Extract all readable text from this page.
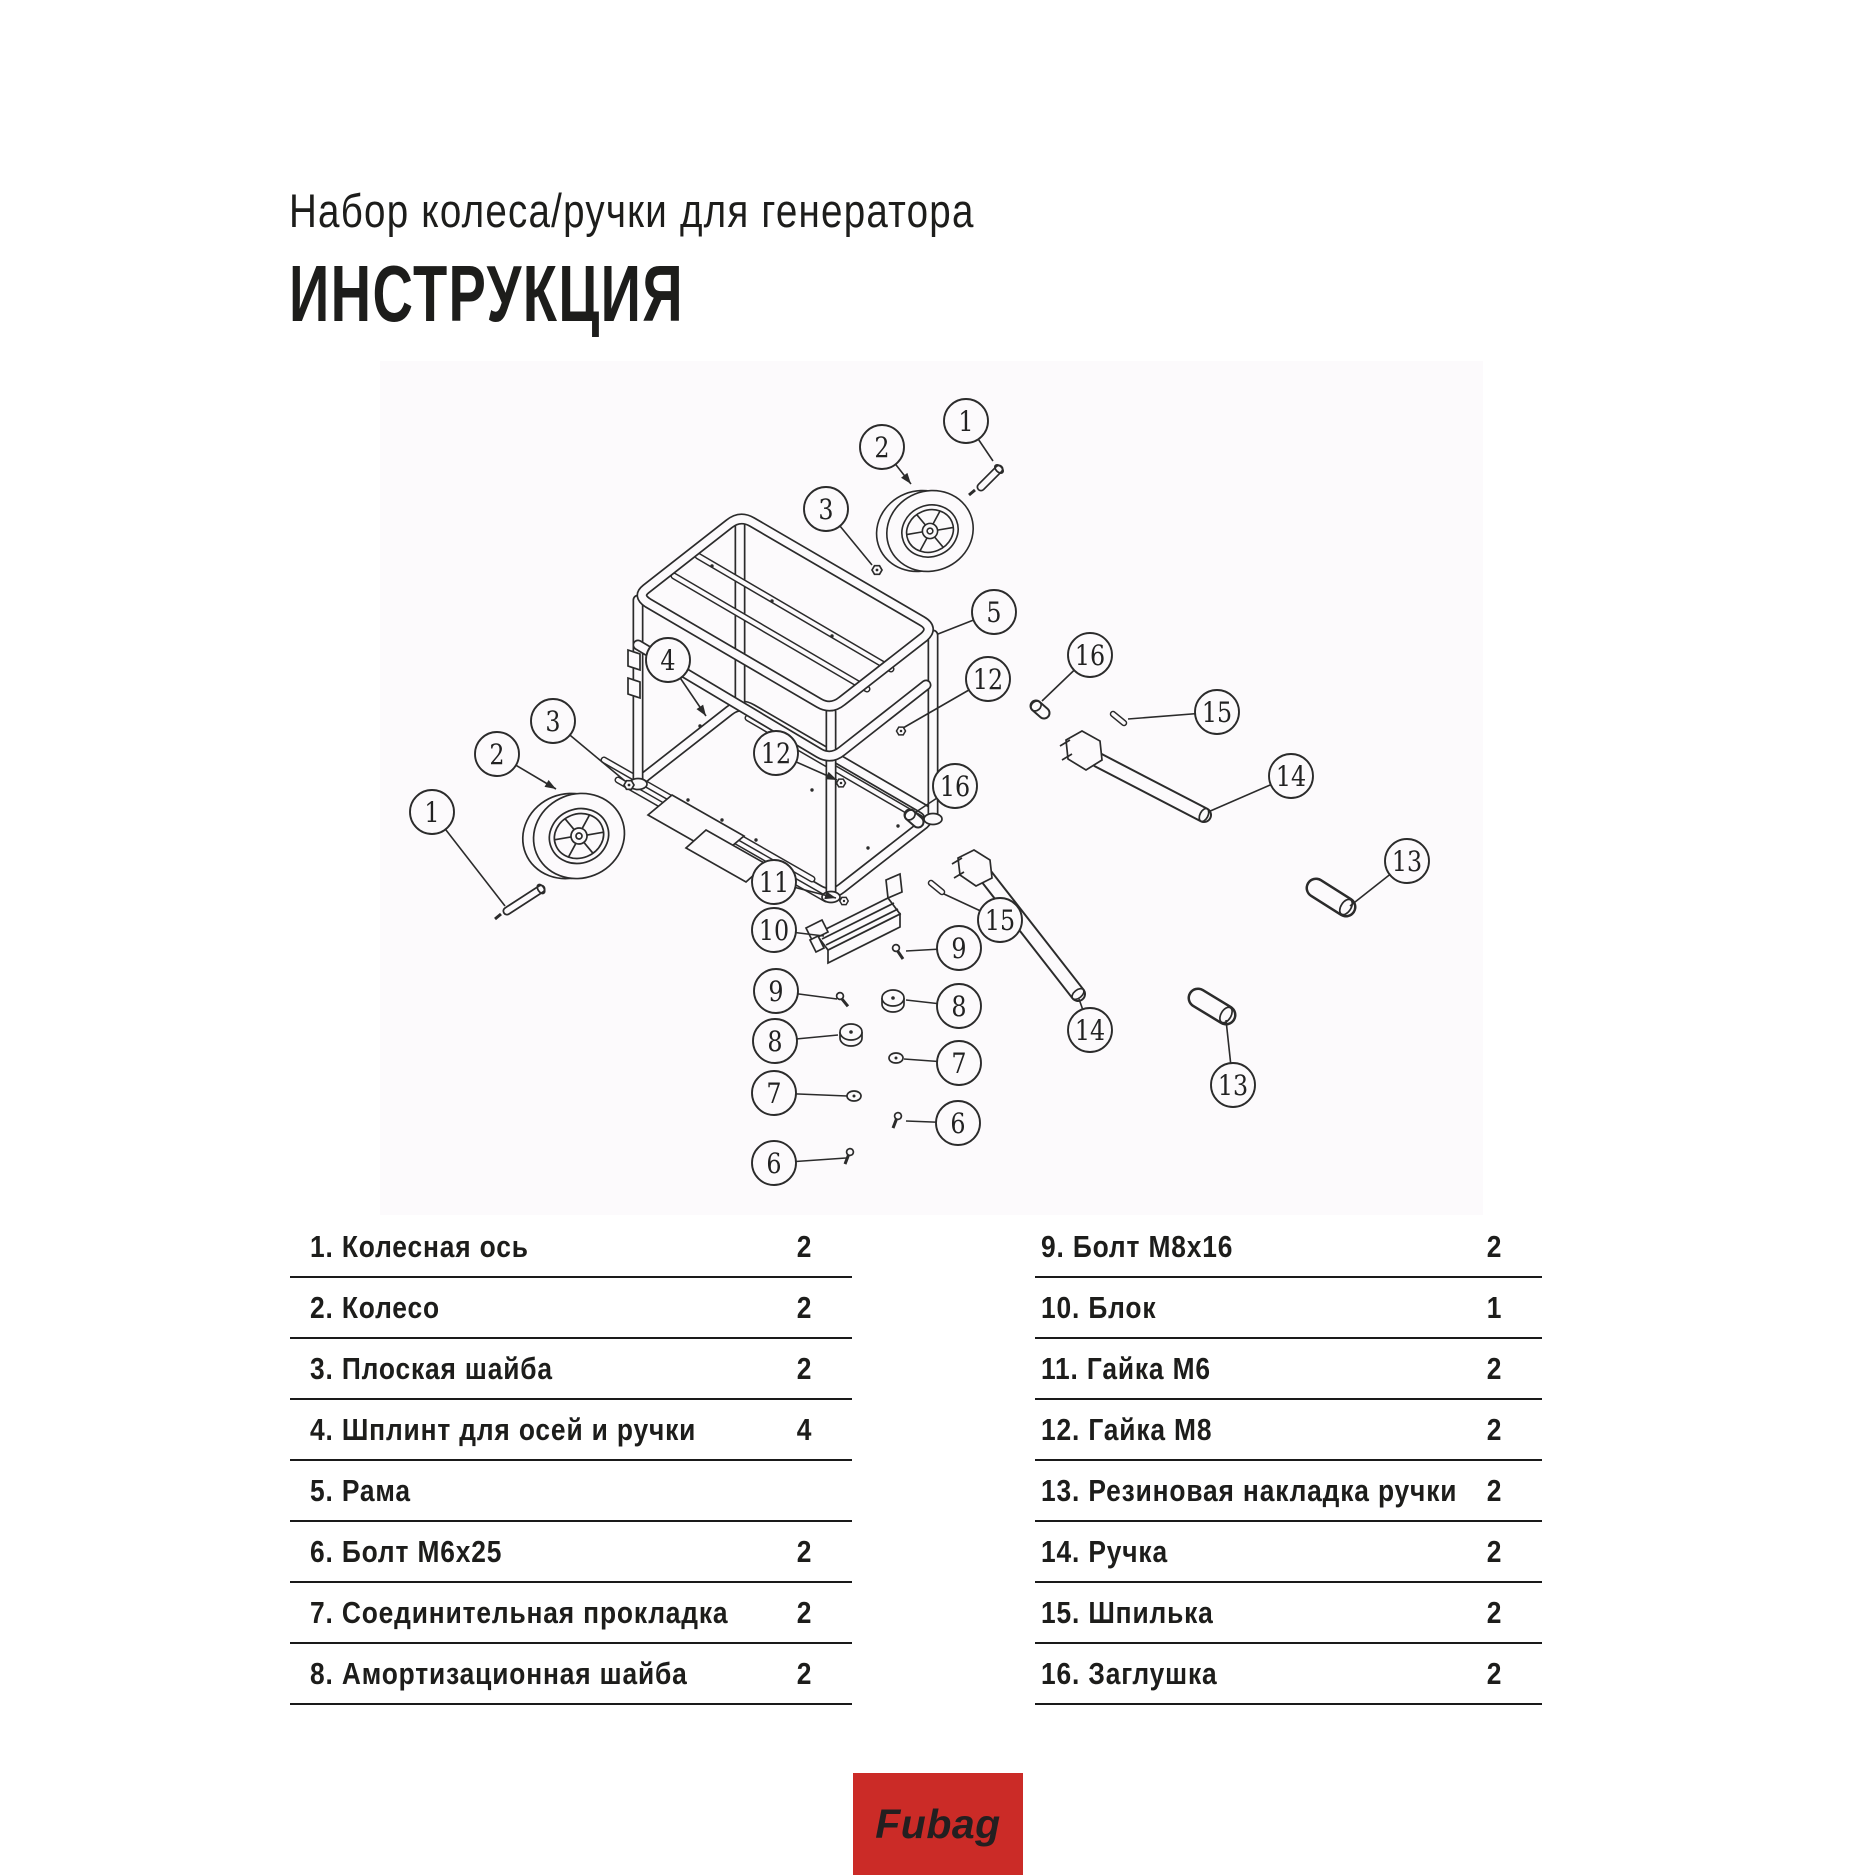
Набор колеса/ручки для генератора
ИНСТРУКЦИЯ
1
2
3
5
12
16
15
14
4
3
2
1
12
16
11
10	15
9
8
7
6
9
8
7
6
14
13
13
1. Колесная ось	2
2. Колесо	2
3. Плоская шайба	2
4. Шплинт для осей и ручки	4
5. Рама
6. Болт M6x25	2
7. Соединительная прокладка 2
8. Амортизационная шайба	2
9. Болт M8x16	2
10. Блок	1
11. Гайка M6	2
12. Гайка M8	2
13. Резиновая накладка ручки 2
14. Ручка	2
15. Шпилька	2
16. Заглушка	2
Fubag
